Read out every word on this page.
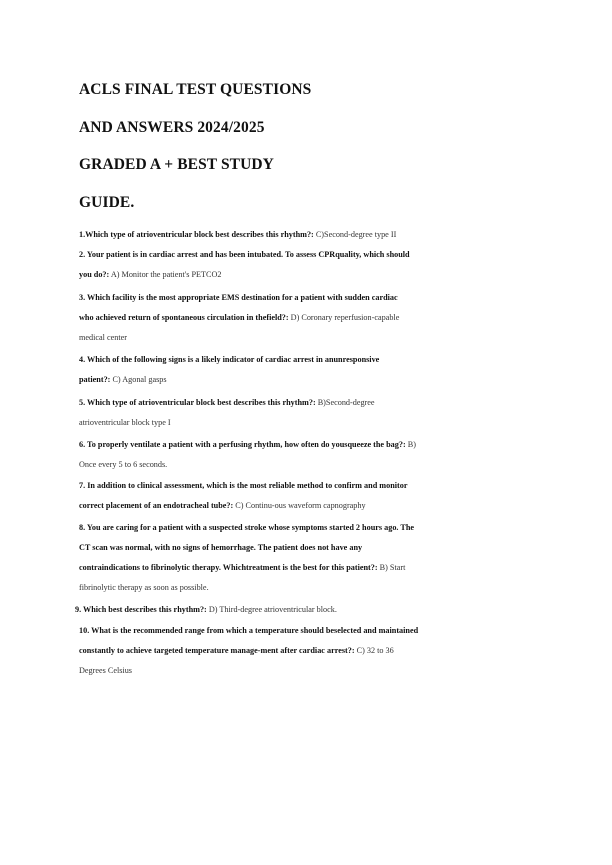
ACLS FINAL TEST QUESTIONS
AND ANSWERS 2024/2025
GRADED A + BEST STUDY
GUIDE.
1.Which type of atrioventricular block best describes this rhythm?: C)Second-degree type II
2. Your patient is in cardiac arrest and has been intubated. To assess CPRquality, which should
you do?: A) Monitor the patient's PETCO2
3. Which facility is the most appropriate EMS destination for a patient with sudden cardiac
who achieved return of spontaneous circulation in thefield?: D) Coronary reperfusion-capable
medical center
4. Which of the following signs is a likely indicator of cardiac arrest in anunresponsive
patient?: C) Agonal gasps
5. Which type of atrioventricular block best describes this rhythm?: B)Second-degree
atrioventricular block type I
6. To properly ventilate a patient with a perfusing rhythm, how often do yousqueeze the bag?: B)
Once every 5 to 6 seconds.
7. In addition to clinical assessment, which is the most reliable method to confirm and monitor
correct placement of an endotracheal tube?: C) Continu-ous waveform capnography
8. You are caring for a patient with a suspected stroke whose symptoms started 2 hours ago. The
CT scan was normal, with no signs of hemorrhage. The patient does not have any
contraindications to fibrinolytic therapy. Whichtreatment is the best for this patient?: B) Start
fibrinolytic therapy as soon as possible.
9. Which best describes this rhythm?: D) Third-degree atrioventricular block.
10. What is the recommended range from which a temperature should beselected and maintained
constantly to achieve targeted temperature manage-ment after cardiac arrest?: C) 32 to 36
Degrees Celsius
